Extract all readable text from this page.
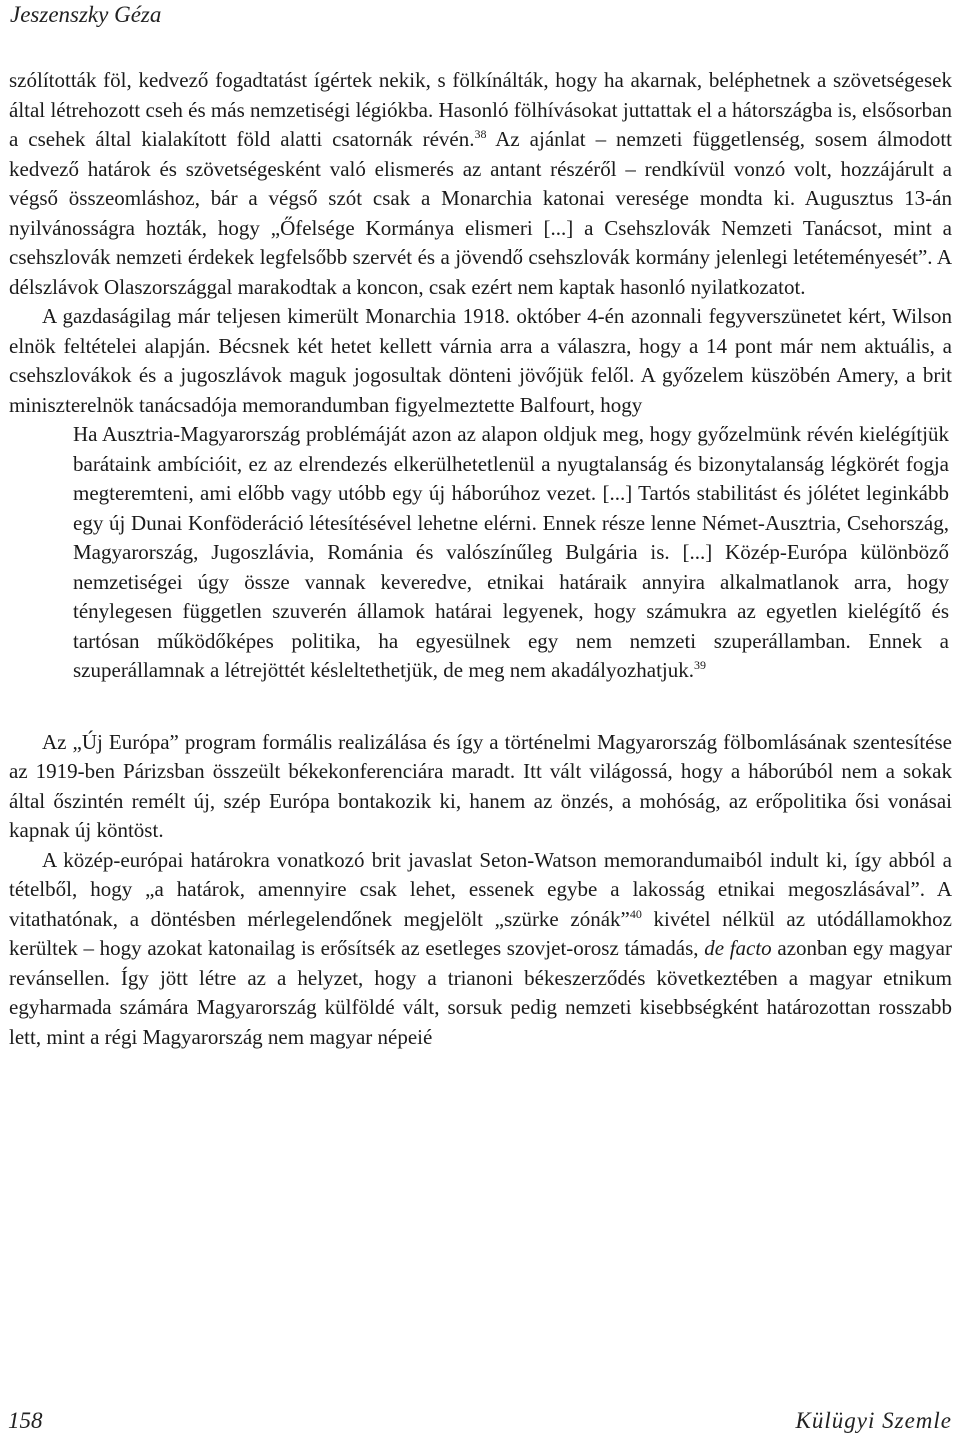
Jeszenszky Géza

szólították föl, kedvező fogadtatást ígértek nekik, s fölkínálták, hogy ha akarnak, beléphetnek a szövetségesek által létrehozott cseh és más nemzetiségi légiókba. Hasonló fölhívásokat juttattak el a hátországba is, elsősorban a csehek által kialakított föld alatti csatornák révén.$^{38}$ Az ajánlat – nemzeti függetlenség, sosem álmodott kedvező határok és szövetségesként való elismerés az antant részéről – rendkívül vonzó volt, hozzájárult a végső összeomláshoz, bár a végső szót csak a Monarchia katonai veresége mondta ki. Augusztus 13-án nyilvánosságra hozták, hogy „Őfelsége Kormánya elismeri [...] a Csehszlovák Nemzeti Tanácsot, mint a csehszlovák nemzeti érdekek legfelsőbb szervét és a jövendő csehszlovák kormány jelenlegi letéteményesét”. A délszlávok Olaszországgal marakodtak a koncon, csak ezért nem kaptak hasonló nyilatkozatot.

A gazdaságilag már teljesen kimerült Monarchia 1918. október 4-én azonnali fegyverszünetet kért, Wilson elnök feltételei alapján. Bécsnek két hetet kellett várnia arra a válaszra, hogy a 14 pont már nem aktuális, a csehszlovákok és a jugoszlávok maguk jogosultak dönteni jövőjük felől. A győzelem küszöbén Amery, a brit miniszterelnök tanácsadója memorandumban figyelmeztette Balfourt, hogy

Ha Ausztria-Magyarország problémáját azon az alapon oldjuk meg, hogy győzelmünk révén kielégítjük barátaink ambícióit, ez az elrendezés elkerülhetetlenül a nyugtalanság és bizonytalanság légkörét fogja megteremteni, ami előbb vagy utóbb egy új háborúhoz vezet. [...] Tartós stabilitást és jólétet leginkább egy új Dunai Konföderáció létesítésével lehetne elérni. Ennek része lenne Német-Ausztria, Csehország, Magyarország, Jugoszlávia, Románia és valószínűleg Bulgária is. [...] Közép-Európa különböző nemzetiségei úgy össze vannak keveredve, etnikai határaik annyira alkalmatlanok arra, hogy ténylegesen független szuverén államok határai legyenek, hogy számukra az egyetlen kielégítő és tartósan működőképes politika, ha egyesülnek egy nem nemzeti szuperállamban. Ennek a szuperállamnak a létrejöttét késleltethetjük, de meg nem akadályozhatjuk.$^{39}$

Az „Új Európa” program formális realizálása és így a történelmi Magyarország fölbomlásának szentesítése az 1919-ben Párizsban összeült békekonferenciára maradt. Itt vált világossá, hogy a háborúból nem a sokak által őszintén remélt új, szép Európa bontakozik ki, hanem az önzés, a mohóság, az erőpolitika ősi vonásai kapnak új köntöst.

A közép-európai határokra vonatkozó brit javaslat Seton-Watson memorandumaiból indult ki, így abból a tételből, hogy „a határok, amennyire csak lehet, essenek egybe a lakosság etnikai megoszlásával”. A vitathatónak, a döntésben mérlegelendőnek megjelölt „szürke zónák”$^{40}$ kivétel nélkül az utódállamokhoz kerültek – hogy azokat katonailag is erősítsék az esetleges szovjet-orosz támadás, de facto azonban egy magyar revánsellen. Így jött létre az a helyzet, hogy a trianoni békeszerződés következtében a magyar etnikum egyharmada számára Magyarország külföldé vált, sorsuk pedig nemzeti kisebbségként határozottan rosszabb lett, mint a régi Magyarország nem magyar népeié

158	Külügyi Szemle
